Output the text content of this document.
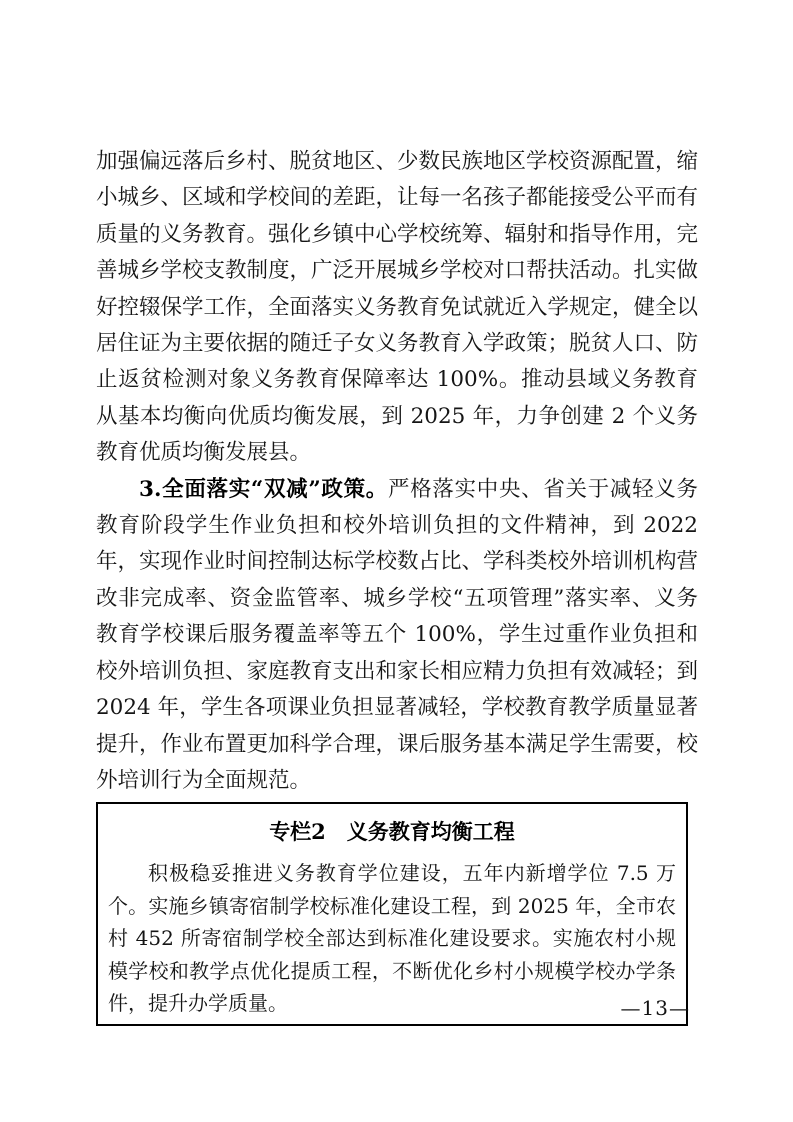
加强偏远落后乡村、脱贫地区、少数民族地区学校资源配置，缩小城乡、区域和学校间的差距，让每一名孩子都能接受公平而有质量的义务教育。强化乡镇中心学校统筹、辐射和指导作用，完善城乡学校支教制度，广泛开展城乡学校对口帮扶活动。扎实做好控辍保学工作，全面落实义务教育免试就近入学规定，健全以居住证为主要依据的随迁子女义务教育入学政策；脱贫人口、防止返贫检测对象义务教育保障率达 100%。推动县域义务教育从基本均衡向优质均衡发展，到 2025 年，力争创建 2 个义务教育优质均衡发展县。

3.全面落实“双减”政策。严格落实中央、省关于减轻义务教育阶段学生作业负担和校外培训负担的文件精神，到 2022 年，实现作业时间控制达标学校数占比、学科类校外培训机构营改非完成率、资金监管率、城乡学校“五项管理”落实率、义务教育学校课后服务覆盖率等五个 100%，学生过重作业负担和校外培训负担、家庭教育支出和家长相应精力负担有效减轻；到 2024 年，学生各项课业负担显著减轻，学校教育教学质量显著提升，作业布置更加科学合理，课后服务基本满足学生需要，校外培训行为全面规范。

专栏2　义务教育均衡工程

积极稳妥推进义务教育学位建设，五年内新增学位 7.5 万个。实施乡镇寄宿制学校标准化建设工程，到 2025 年，全市农村 452 所寄宿制学校全部达到标准化建设要求。实施农村小规模学校和教学点优化提质工程，不断优化乡村小规模学校办学条件，提升办学质量。	—13—
